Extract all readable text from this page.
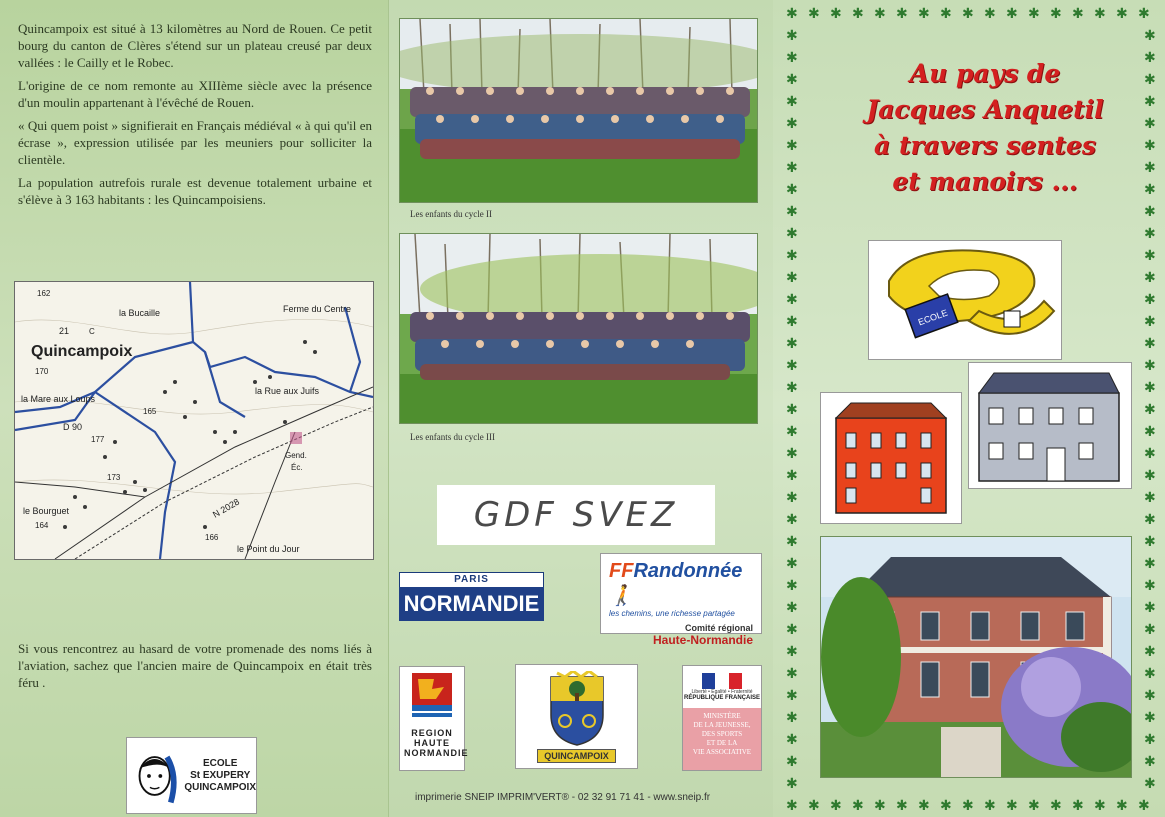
Quincampoix est situé à 13 kilomètres au Nord de Rouen. Ce petit bourg du canton de Clères s'étend sur un plateau creusé par deux vallées : le Cailly et le Robec.

L'origine de ce nom remonte au XIIIème siècle avec la présence d'un moulin appartenant à l'évêché de Rouen.

« Qui quem poist » signifierait en Français médiéval « à qui qu'il en écrase », expression utilisée par les meuniers pour solliciter la clientèle.

La population autrefois rurale est devenue totalement urbaine et s'élève à 3 163 habitants : les Quincampoisiens.

162
la Bucaille	Ferme du Centre
Quincampoix
21 C
170
la Mare aux Loups
165
la Rue aux Juifs
D 90
177
Gend.
Éc.
173
N 2028
le Bourguet
164
166
le Point du Jour

Si vous rencontrez au hasard de votre promenade des noms liés à l'aviation, sachez que l'ancien maire de Quincampoix en était très féru .

ECOLE
St EXUPERY
QUINCAMPOIX
Les enfants du cycle II
Les enfants du cycle III
GDF SVEZ
PARIS
NORMANDIE
FFRandonnée 🚶
les chemins, une richesse partagée
Comité régional
Haute-Normandie
REGION
HAUTE
NORMANDIE	QUINCAMPOIX
Liberté • Égalité • Fraternité
RÉPUBLIQUE FRANÇAISE
MINISTÈRE
DE LA JEUNESSE,
DES SPORTS
ET DE LA
VIE ASSOCIATIVE
imprimerie SNEIP IMPRIM'VERT® - 02 32 91 71 41 - www.sneip.fr
✱
✱
✱
✱
✱
✱
✱
✱
✱
✱
✱
✱
✱
✱
✱
✱
✱
✱
✱
✱
✱
✱
✱
✱
✱
✱
✱
✱
✱
✱
✱
✱
✱
✱
✱	✱
✱	✱
✱	✱
✱	✱
✱	✱
✱	✱
✱	✱
✱	✱
✱	✱
✱	✱
✱	✱
✱	✱
✱	✱
✱	✱
✱	✱
✱	✱
✱	✱
✱	✱
✱	✱
✱	✱
✱	✱
✱	✱
✱	✱
✱	✱
✱	✱
✱	✱
✱	✱
✱	✱
✱	✱
✱	✱
✱	✱
✱	✱
✱	✱
✱	✱
✱	✱
Au pays de
Jacques Anquetil
à travers sentes
et manoirs ...
ECOLE
